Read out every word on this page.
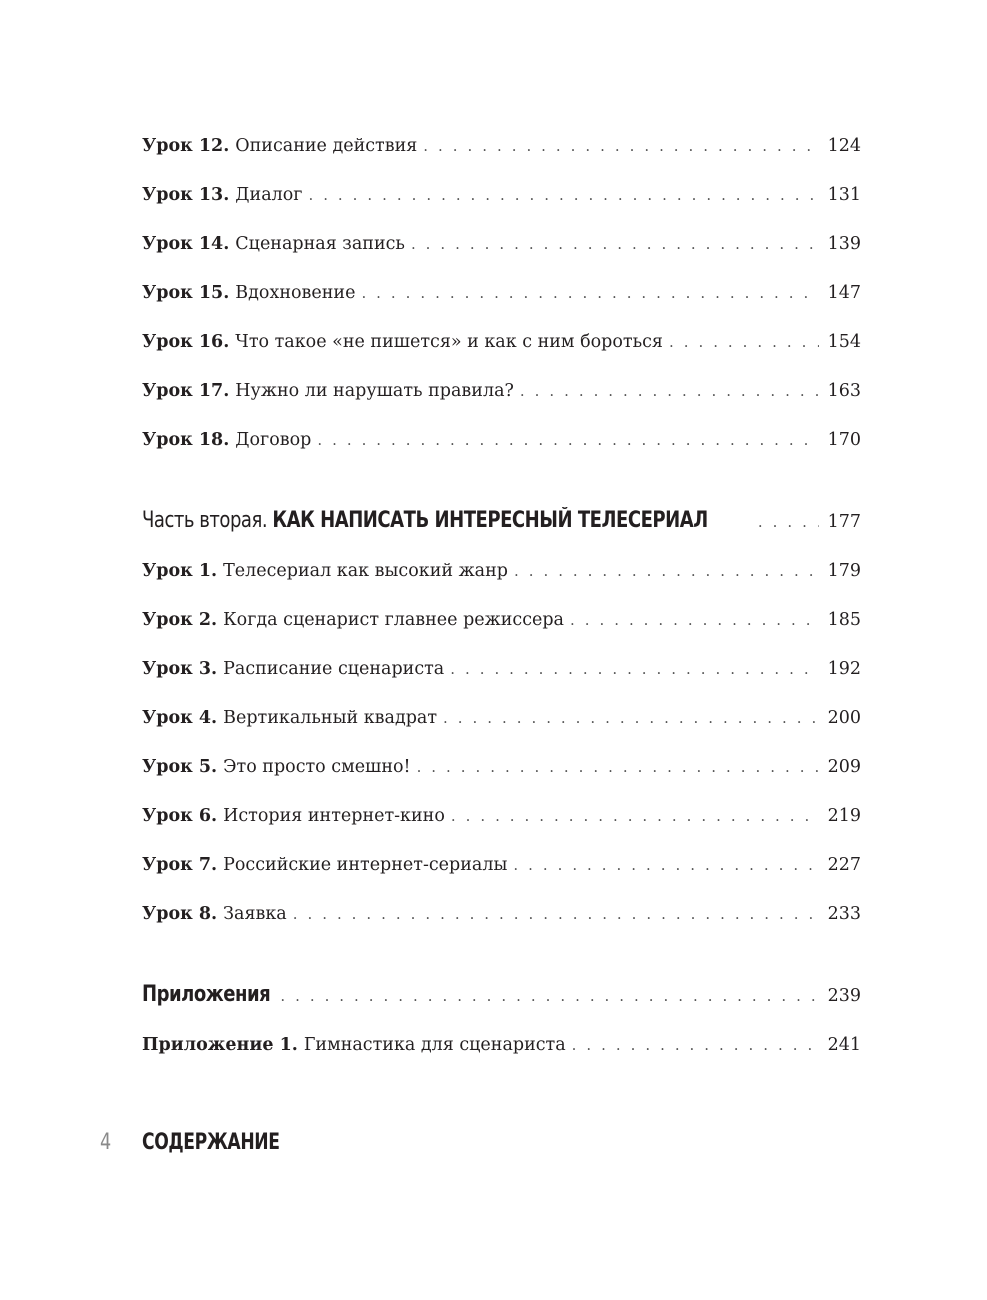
Урок 12. Описание действия . . .	124
Урок 13. Диалог . . .	131
Урок 14. Сценарная запись . . .	139
Урок 15. Вдохновение . . .	147
Урок 16. Что такое «не пишется» и как с ним бороться . . .	154
Урок 17. Нужно ли нарушать правила? . . .	163
Урок 18. Договор . . .	170
Часть вторая. КАК НАПИСАТЬ ИНТЕРЕСНЫЙ ТЕЛЕСЕРИАЛ . . .	177
Урок 1. Телесериал как высокий жанр . . .	179
Урок 2. Когда сценарист главнее режиссера . . .	185
Урок 3. Расписание сценариста . . .	192
Урок 4. Вертикальный квадрат . . .	200
Урок 5. Это просто смешно! . . .	209
Урок 6. История интернет-кино . . .	219
Урок 7. Российские интернет-сериалы . . .	227
Урок 8. Заявка . . .	233
Приложения . . .	239
Приложение 1. Гимнастика для сценариста . . .	241
4	СОДЕРЖАНИЕ
